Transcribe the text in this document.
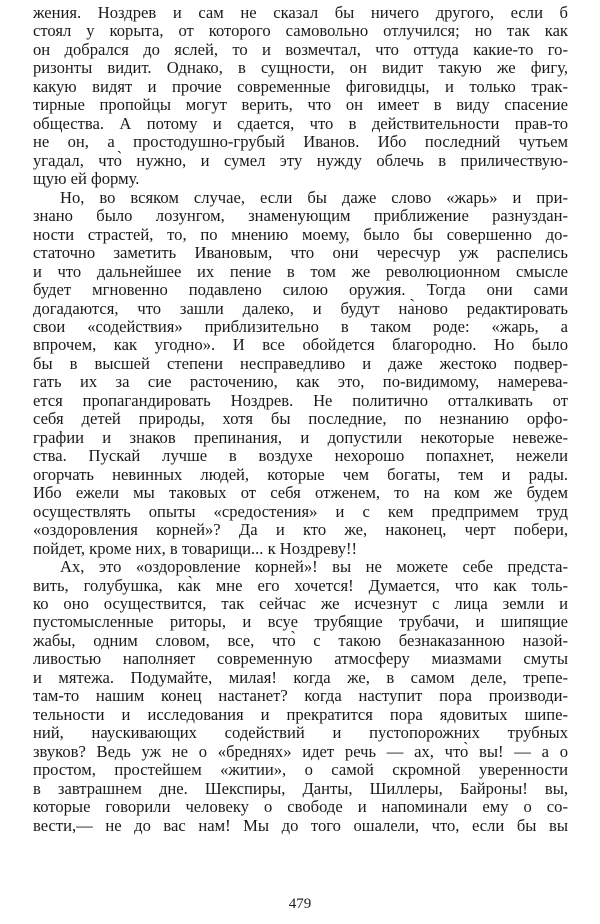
жения. Ноздрев и сам не сказал бы ничего другого, если б
стоял у корыта, от которого самовольно отлучился; но так как
он добрался до яслей, то и возмечтал, что оттуда какие-то го-
ризонты видит. Однако, в сущности, он видит такую же фигу,
какую видят и прочие современные фиговидцы, и только трак-
тирные пропойцы могут верить, что он имеет в виду спасение
общества. А потому и сдается, что в действительности прав-то
не он, а простодушно-грубый Иванов. Ибо последний чутьем
угадал, что̀ нужно, и сумел эту нужду облечь в приличествую-
щую ей форму.
Но, во всяком случае, если бы даже слово «жарь» и при-
знано было лозунгом, знаменующим приближение разнуздан-
ности страстей, то, по мнению моему, было бы совершенно до-
статочно заметить Ивановым, что они чересчур уж распелись
и что дальнейшее их пение в том же революционном смысле
будет мгновенно подавлено силою оружия. Тогда они сами
догадаются, что зашли далеко, и будут на̀ново редактировать
свои «содействия» приблизительно в таком роде: «жарь, а
впрочем, как угодно». И все обойдется благородно. Но было
бы в высшей степени несправедливо и даже жестоко подвер-
гать их за сие расточению, как это, по-видимому, намерева-
ется пропагандировать Ноздрев. Не политично отталкивать от
себя детей природы, хотя бы последние, по незнанию орфо-
графии и знаков препинания, и допустили некоторые невеже-
ства. Пускай лучше в воздухе нехорошо попахнет, нежели
огорчать невинных людей, которые чем богаты, тем и рады.
Ибо ежели мы таковых от себя отженем, то на ком же будем
осуществлять опыты «средостения» и с кем предпримем труд
«оздоровления корней»? Да и кто же, наконец, черт побери,
пойдет, кроме них, в товарищи... к Ноздреву!!
Ах, это «оздоровление корней»! вы не можете себе предста-
вить, голубушка, ка̀к мне его хочется! Думается, что как толь-
ко оно осуществится, так сейчас же исчезнут с лица земли и
пустомысленные риторы, и всуе трубящие трубачи, и шипящие
жабы, одним словом, все, что̀ с такою безнаказанною назой-
ливостью наполняет современную атмосферу миазмами смуты
и мятежа. Подумайте, милая! когда же, в самом деле, трепе-
там-то нашим конец настанет? когда наступит пора производи-
тельности и исследования и прекратится пора ядовитых шипе-
ний, наускивающих содействий и пустопорожних трубных
звуков? Ведь уж не о «бреднях» идет речь — ах, что̀ вы! — а о
простом, простейшем «житии», о самой скромной уверенности
в завтрашнем дне. Шекспиры, Данты, Шиллеры, Байроны! вы,
которые говорили человеку о свободе и напоминали ему о со-
вести,— не до вас нам! Мы до того ошалели, что, если бы вы
479
